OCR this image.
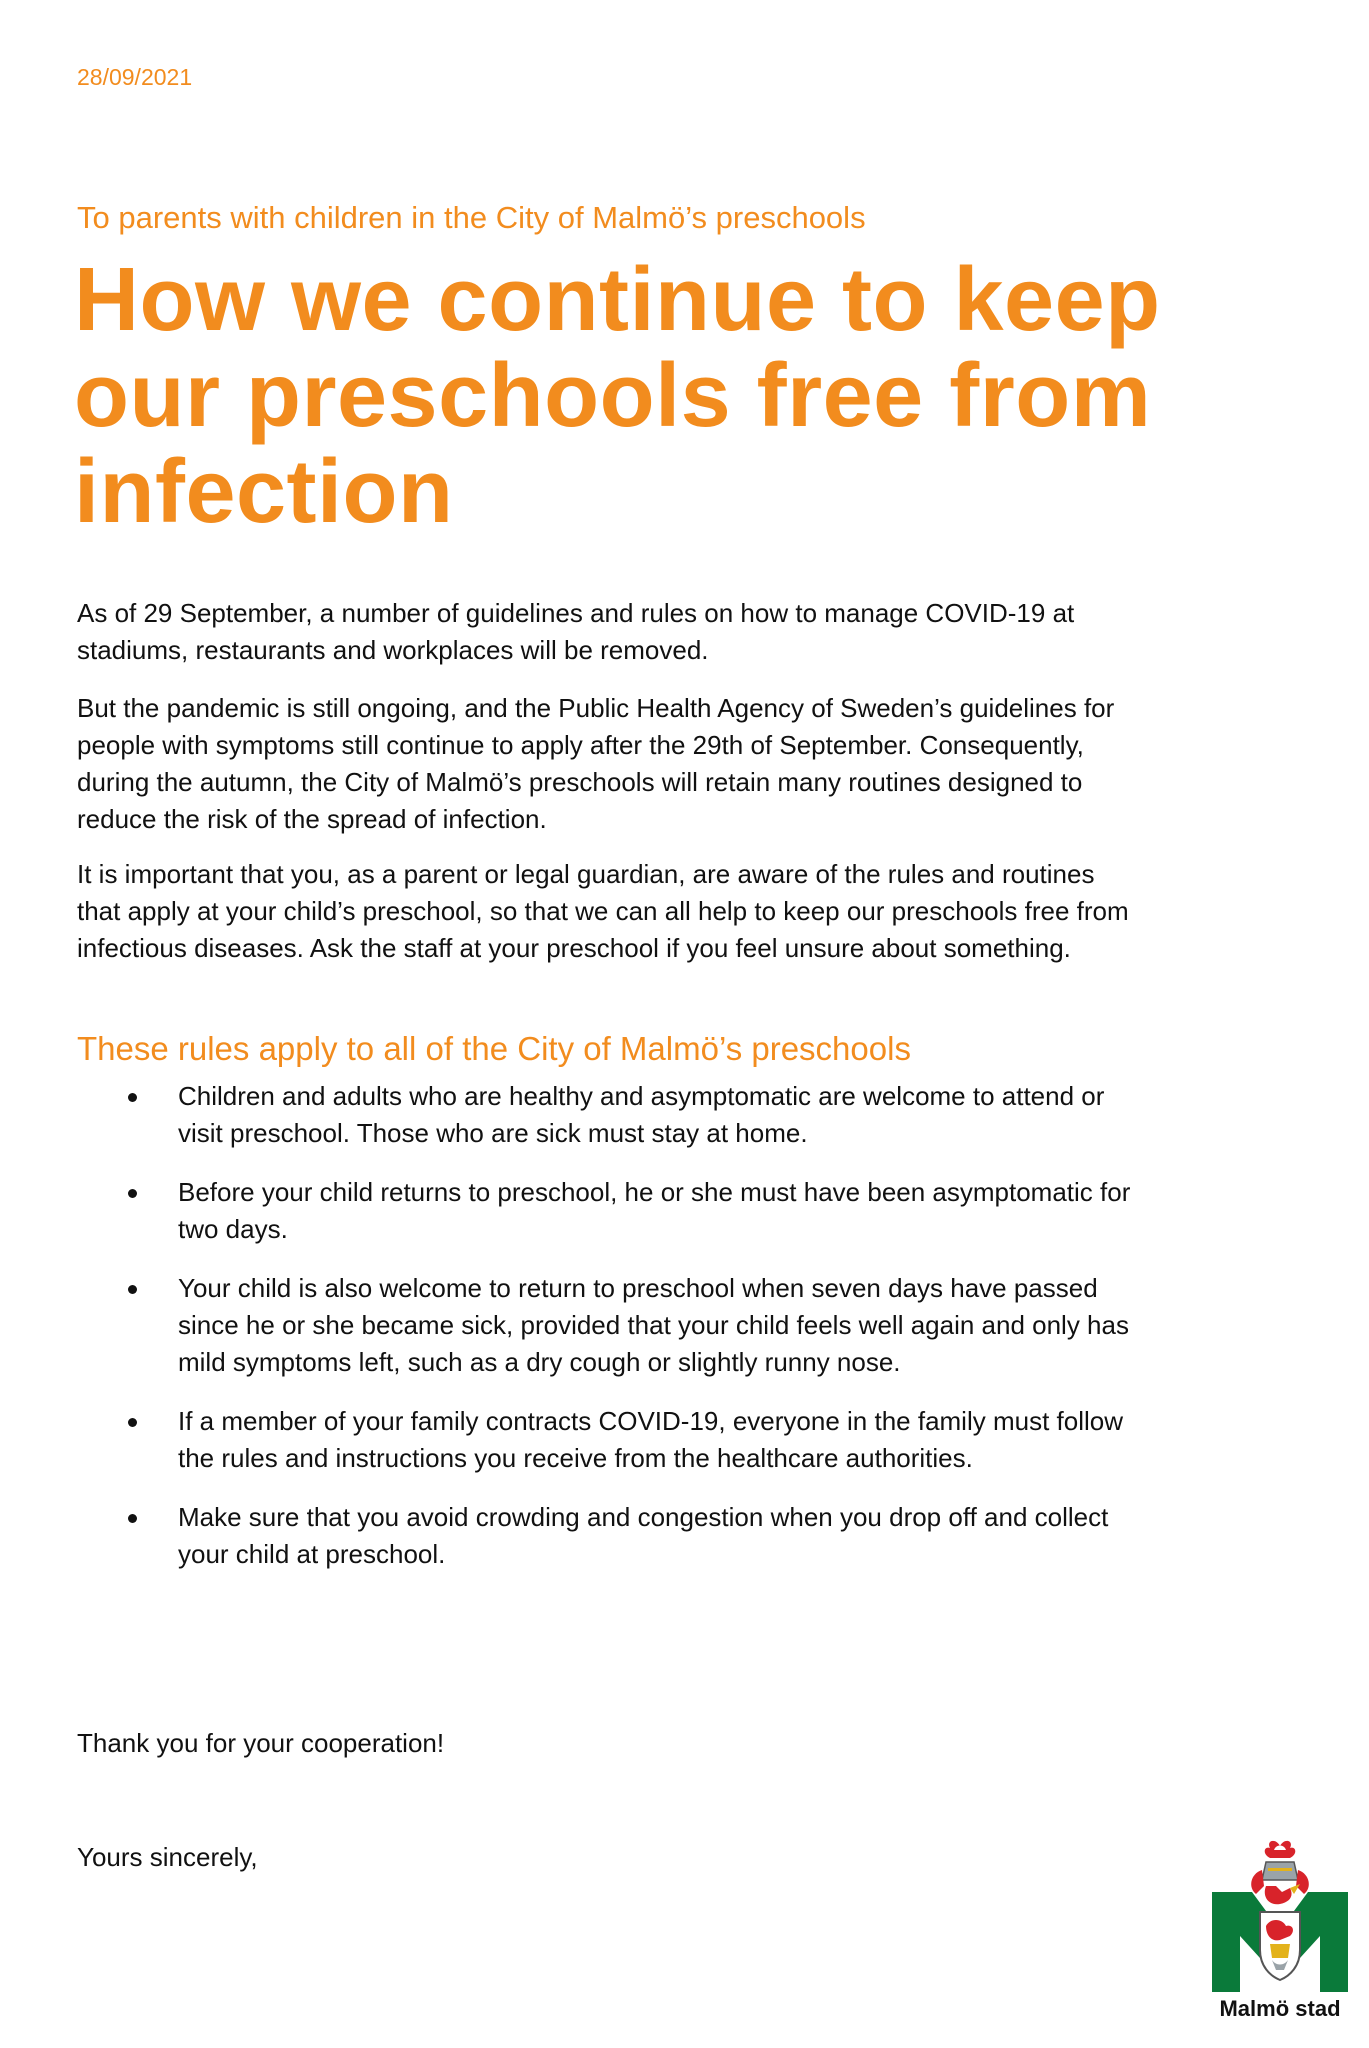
28/09/2021
To parents with children in the City of Malmö’s preschools
How we continue to keep our preschools free from infection

As of 29 September, a number of guidelines and rules on how to manage COVID-19 at stadiums, restaurants and workplaces will be removed.

But the pandemic is still ongoing, and the Public Health Agency of Sweden’s guidelines for people with symptoms still continue to apply after the 29th of September. Consequently, during the autumn, the City of Malmö’s preschools will retain many routines designed to reduce the risk of the spread of infection.

It is important that you, as a parent or legal guardian, are aware of the rules and routines that apply at your child’s preschool, so that we can all help to keep our preschools free from infectious diseases. Ask the staff at your preschool if you feel unsure about something.

These rules apply to all of the City of Malmö’s preschools
Children and adults who are healthy and asymptomatic are welcome to attend or visit preschool. Those who are sick must stay at home.
Before your child returns to preschool, he or she must have been asymptomatic for two days.
Your child is also welcome to return to preschool when seven days have passed since he or she became sick, provided that your child feels well again and only has mild symptoms left, such as a dry cough or slightly runny nose.
If a member of your family contracts COVID-19, everyone in the family must follow the rules and instructions you receive from the healthcare authorities.
Make sure that you avoid crowding and congestion when you drop off and collect your child at preschool.
Thank you for your cooperation!
Yours sincerely,
Malmö stad
